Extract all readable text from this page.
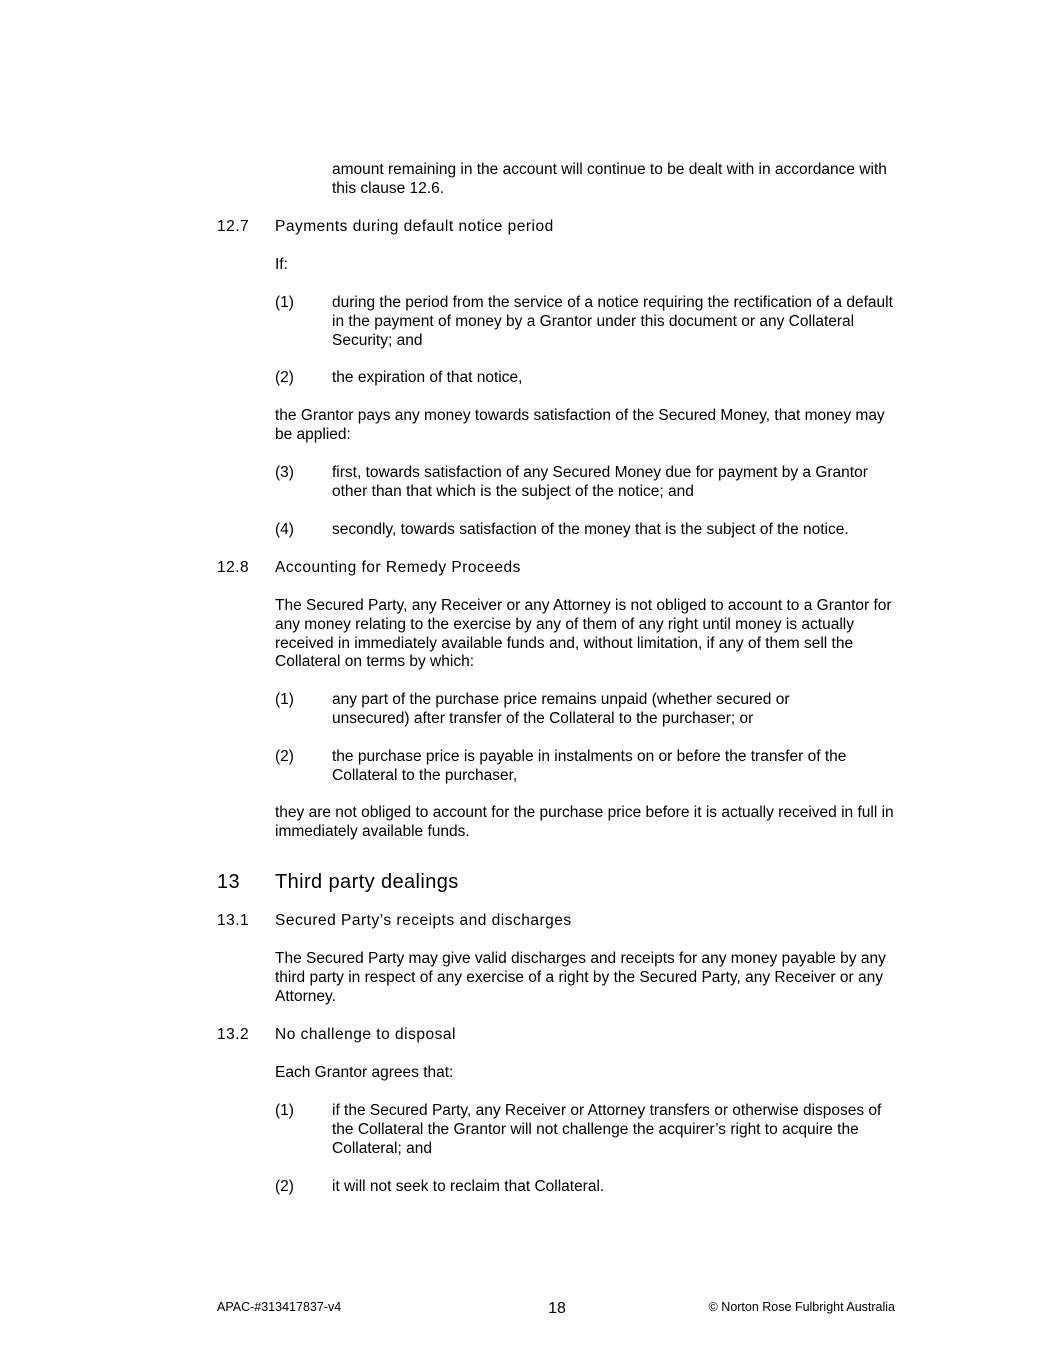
amount remaining in the account will continue to be dealt with in accordance with this clause 12.6.

12.7 Payments during default notice period

If:

(1) during the period from the service of a notice requiring the rectification of a default in the payment of money by a Grantor under this document or any Collateral Security; and

(2) the expiration of that notice,

the Grantor pays any money towards satisfaction of the Secured Money, that money may be applied:

(3) first, towards satisfaction of any Secured Money due for payment by a Grantor other than that which is the subject of the notice; and

(4) secondly, towards satisfaction of the money that is the subject of the notice.

12.8 Accounting for Remedy Proceeds

The Secured Party, any Receiver or any Attorney is not obliged to account to a Grantor for any money relating to the exercise by any of them of any right until money is actually received in immediately available funds and, without limitation, if any of them sell the Collateral on terms by which:

(1) any part of the purchase price remains unpaid (whether secured or unsecured) after transfer of the Collateral to the purchaser; or

(2) the purchase price is payable in instalments on or before the transfer of the Collateral to the purchaser,

they are not obliged to account for the purchase price before it is actually received in full in immediately available funds.

13 Third party dealings
13.1 Secured Party’s receipts and discharges

The Secured Party may give valid discharges and receipts for any money payable by any third party in respect of any exercise of a right by the Secured Party, any Receiver or any Attorney.

13.2 No challenge to disposal

Each Grantor agrees that:

(1) if the Secured Party, any Receiver or Attorney transfers or otherwise disposes of the Collateral the Grantor will not challenge the acquirer’s right to acquire the Collateral; and

(2) it will not seek to reclaim that Collateral.

APAC-#313417837-v4	18	© Norton Rose Fulbright Australia
